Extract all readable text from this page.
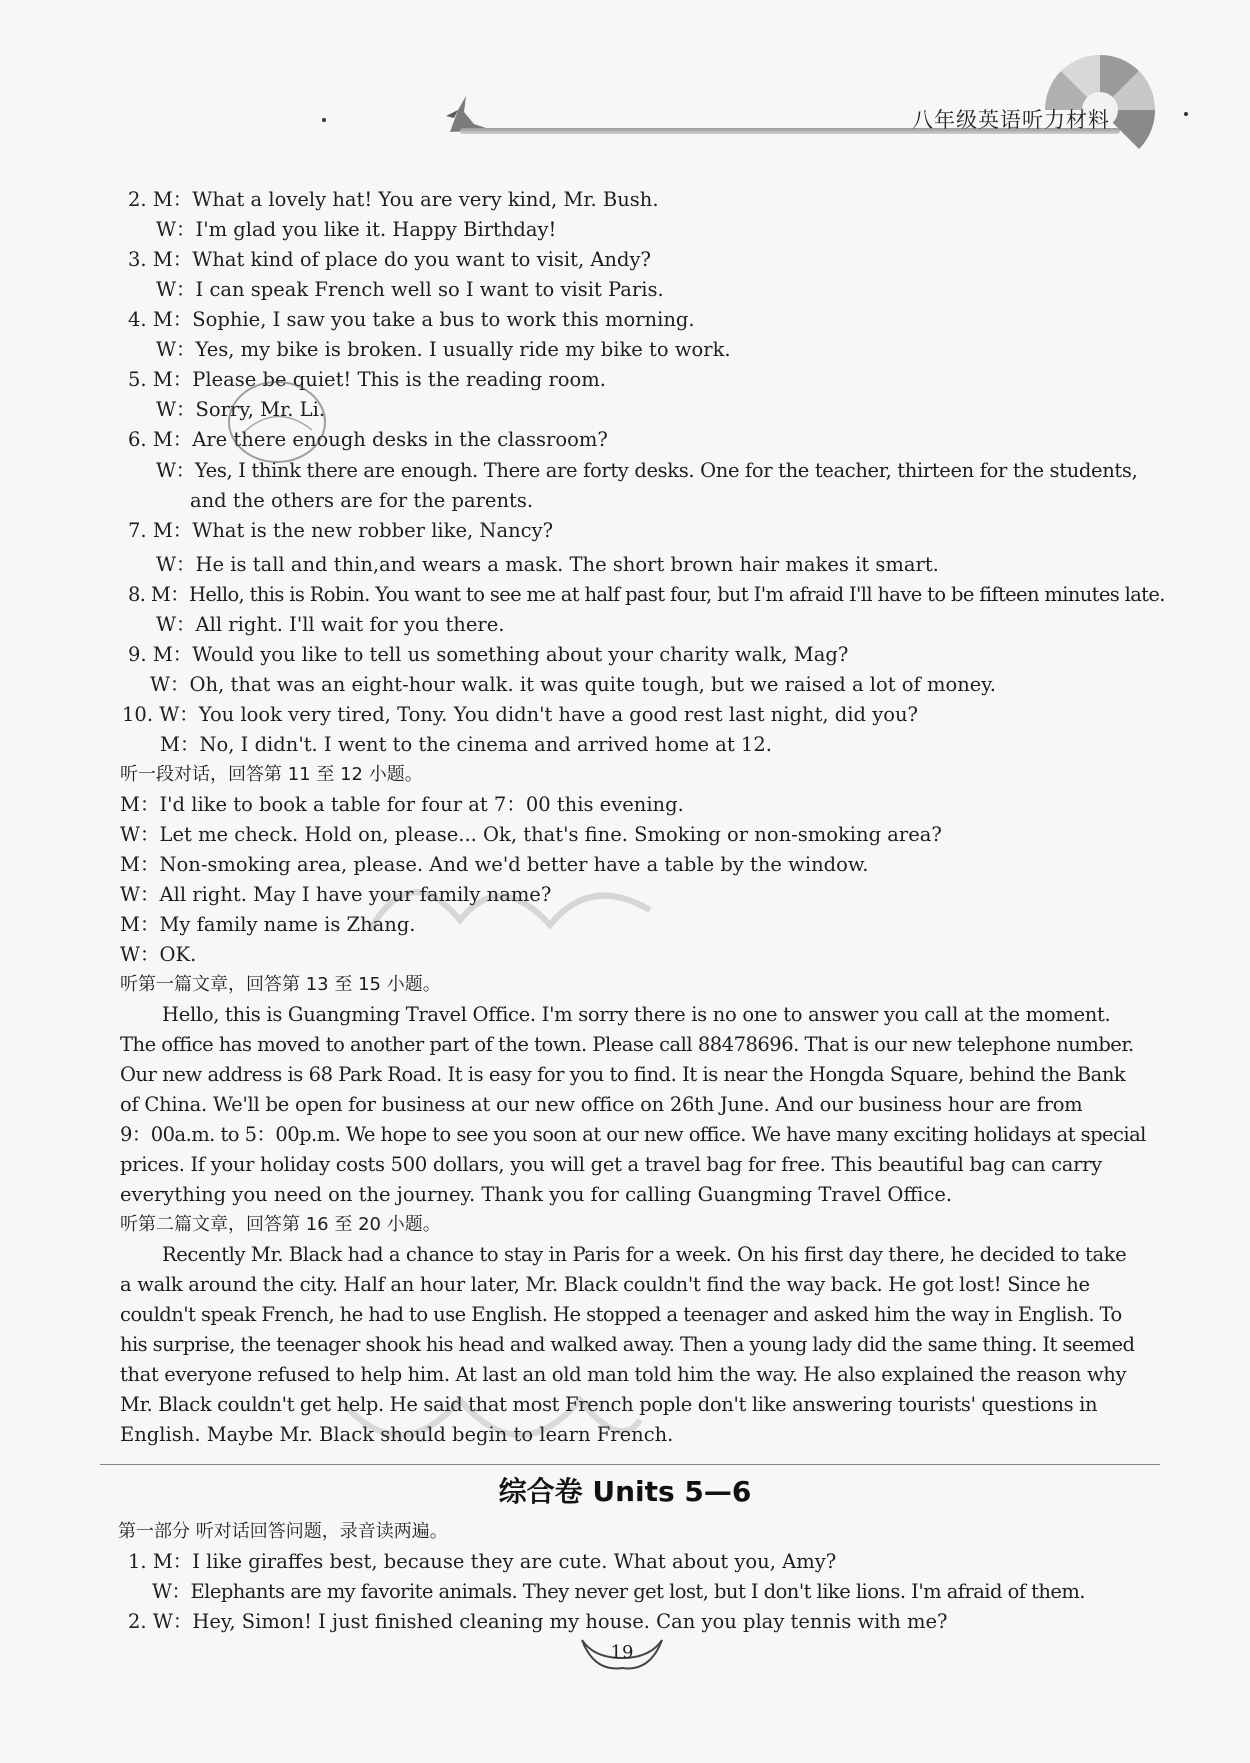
八年级英语听力材料
2. M：What a lovely hat! You are very kind, Mr. Bush.
W：I'm glad you like it. Happy Birthday!
3. M：What kind of place do you want to visit, Andy?
W：I can speak French well so I want to visit Paris.
4. M：Sophie, I saw you take a bus to work this morning.
W：Yes, my bike is broken. I usually ride my bike to work.
5. M：Please be quiet! This is the reading room.
W：Sorry, Mr. Li.
6. M：Are there enough desks in the classroom?
W：Yes, I think there are enough. There are forty desks. One for the teacher, thirteen for the students,
and the others are for the parents.
7. M：What is the new robber like, Nancy?
W：He is tall and thin,and wears a mask. The short brown hair makes it smart.
8. M：Hello, this is Robin. You want to see me at half past four, but I'm afraid I'll have to be fifteen minutes late.
W：All right. I'll wait for you there.
9. M：Would you like to tell us something about your charity walk, Mag?
W：Oh, that was an eight-hour walk. it was quite tough, but we raised a lot of money.
10. W：You look very tired, Tony. You didn't have a good rest last night, did you?
M：No, I didn't. I went to the cinema and arrived home at 12.
听一段对话，回答第 11 至 12 小题。
M：I'd like to book a table for four at 7：00 this evening.
W：Let me check. Hold on, please... Ok, that's fine. Smoking or non-smoking area?
M：Non-smoking area, please. And we'd better have a table by the window.
W：All right. May I have your family name?
M：My family name is Zhang.
W：OK.
听第一篇文章，回答第 13 至 15 小题。
Hello, this is Guangming Travel Office. I'm sorry there is no one to answer you call at the moment.
The office has moved to another part of the town. Please call 88478696. That is our new telephone number.
Our new address is 68 Park Road. It is easy for you to find. It is near the Hongda Square, behind the Bank
of China. We'll be open for business at our new office on 26th June. And our business hour are from
9：00a.m. to 5：00p.m. We hope to see you soon at our new office. We have many exciting holidays at special
prices. If your holiday costs 500 dollars, you will get a travel bag for free. This beautiful bag can carry
everything you need on the journey. Thank you for calling Guangming Travel Office.
听第二篇文章，回答第 16 至 20 小题。
Recently Mr. Black had a chance to stay in Paris for a week. On his first day there, he decided to take
a walk around the city. Half an hour later, Mr. Black couldn't find the way back. He got lost! Since he
couldn't speak French, he had to use English. He stopped a teenager and asked him the way in English. To
his surprise, the teenager shook his head and walked away. Then a young lady did the same thing. It seemed
that everyone refused to help him. At last an old man told him the way. He also explained the reason why
Mr. Black couldn't get help. He said that most French pople don't like answering tourists' questions in
English. Maybe Mr. Black should begin to learn French.
综合卷 Units 5—6
第一部分 听对话回答问题，录音读两遍。
1. M：I like giraffes best, because they are cute. What about you, Amy?
W：Elephants are my favorite animals. They never get lost, but I don't like lions. I'm afraid of them.
2. W：Hey, Simon! I just finished cleaning my house. Can you play tennis with me?
19
